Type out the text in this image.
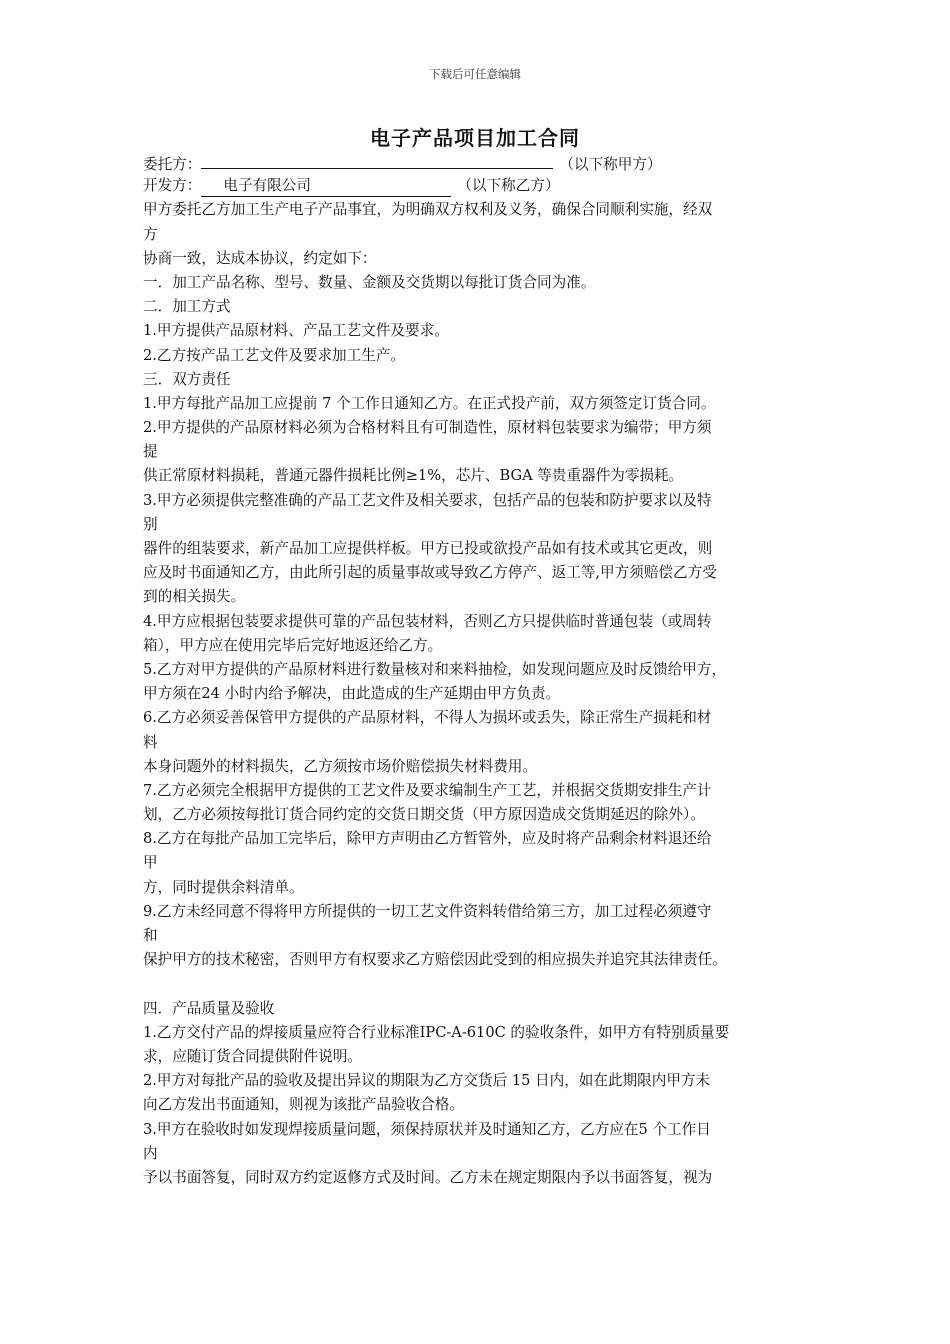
下载后可任意编辑
电子产品项目加工合同
委托方：	（以下称甲方）
开发方：	电子有限公司	（以下称乙方）
甲方委托乙方加工生产电子产品事宜，为明确双方权利及义务，确保合同顺利实施，经双
方
协商一致，达成本协议，约定如下：
一．加工产品名称、型号、数量、金额及交货期以每批订货合同为准。
二．加工方式
1.甲方提供产品原材料、产品工艺文件及要求。
2.乙方按产品工艺文件及要求加工生产。
三．双方责任
1.甲方每批产品加工应提前 7 个工作日通知乙方。在正式投产前，双方须签定订货合同。
2.甲方提供的产品原材料必须为合格材料且有可制造性，原材料包装要求为编带；甲方须
提
供正常原材料损耗，普通元器件损耗比例≥1%，芯片、BGA 等贵重器件为零损耗。
3.甲方必须提供完整准确的产品工艺文件及相关要求，包括产品的包装和防护要求以及特
别
器件的组装要求，新产品加工应提供样板。甲方已投或欲投产品如有技术或其它更改，则
应及时书面通知乙方，由此所引起的质量事故或导致乙方停产、返工等,甲方须赔偿乙方受
到的相关损失。
4.甲方应根据包装要求提供可靠的产品包装材料，否则乙方只提供临时普通包装（或周转
箱），甲方应在使用完毕后完好地返还给乙方。
5.乙方对甲方提供的产品原材料进行数量核对和来料抽检，如发现问题应及时反馈给甲方，
甲方须在24 小时内给予解决，由此造成的生产延期由甲方负责。
6.乙方必须妥善保管甲方提供的产品原材料，不得人为损坏或丢失，除正常生产损耗和材
料
本身问题外的材料损失，乙方须按市场价赔偿损失材料费用。
7.乙方必须完全根据甲方提供的工艺文件及要求编制生产工艺，并根据交货期安排生产计
划，乙方必须按每批订货合同约定的交货日期交货（甲方原因造成交货期延迟的除外）。
8.乙方在每批产品加工完毕后，除甲方声明由乙方暂管外，应及时将产品剩余材料退还给
甲
方，同时提供余料清单。
9.乙方未经同意不得将甲方所提供的一切工艺文件资料转借给第三方，加工过程必须遵守
和
保护甲方的技术秘密，否则甲方有权要求乙方赔偿因此受到的相应损失并追究其法律责任。
四．产品质量及验收
1.乙方交付产品的焊接质量应符合行业标准IPC-A-610C 的验收条件，如甲方有特别质量要
求，应随订货合同提供附件说明。
2.甲方对每批产品的验收及提出异议的期限为乙方交货后 15 日内，如在此期限内甲方未
向乙方发出书面通知，则视为该批产品验收合格。
3.甲方在验收时如发现焊接质量问题，须保持原状并及时通知乙方，乙方应在5 个工作日
内
予以书面答复，同时双方约定返修方式及时间。乙方未在规定期限内予以书面答复，视为
